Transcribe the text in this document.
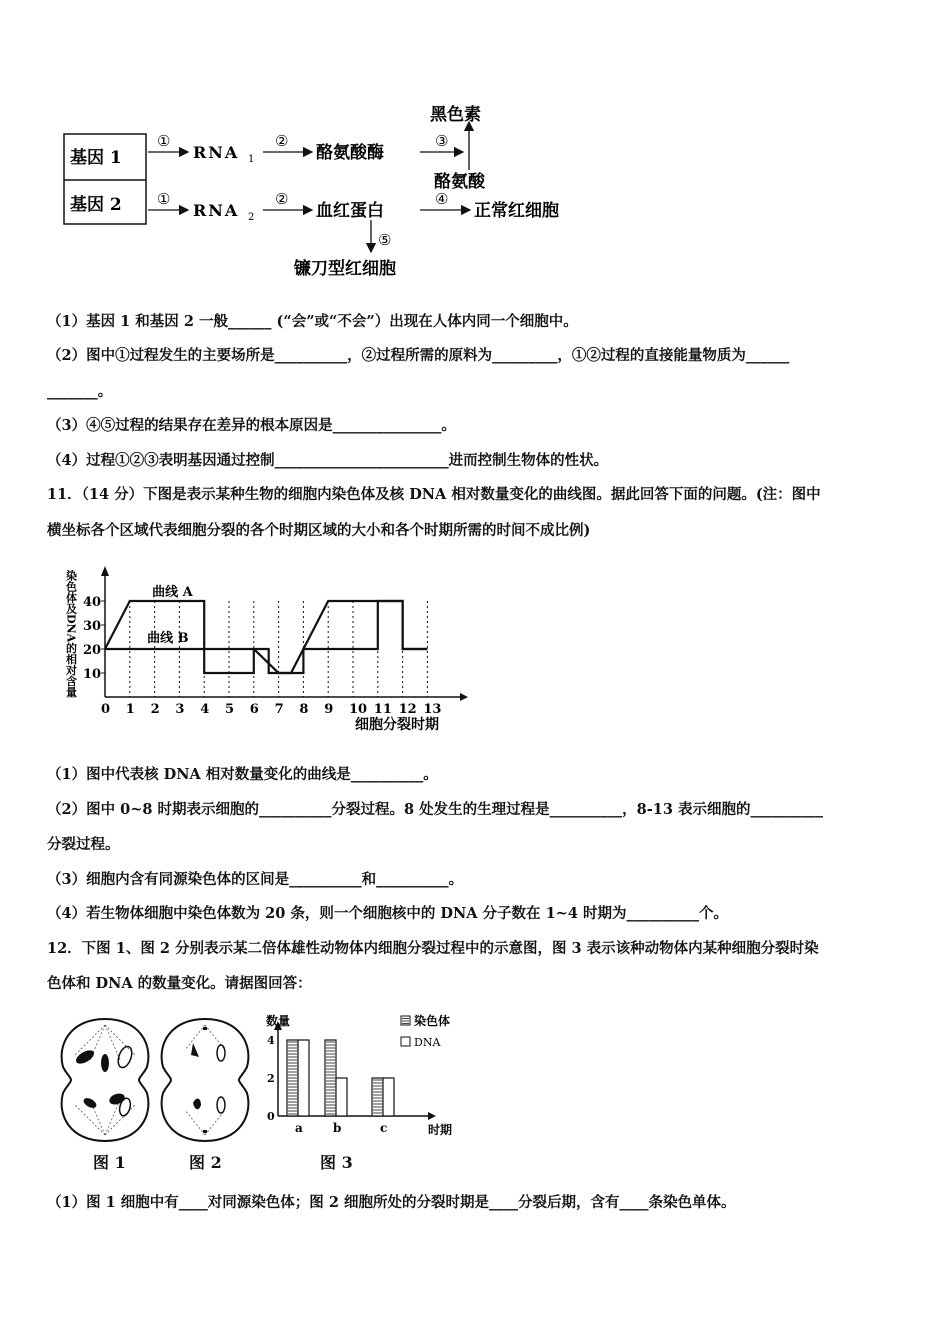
基因 1
基因 2
①
RNA 1
②
酪氨酸酶
③
黑色素
酪氨酸
①
RNA 2
②
血红蛋白
④
正常红细胞
⑤
镰刀型红细胞
（1）基因 1 和基因 2 一般______ (“会”或“不会”）出现在人体内同一个细胞中。
（2）图中①过程发生的主要场所是__________，②过程所需的原料为_________，①②过程的直接能量物质为______
_______。
（3）④⑤过程的结果存在差异的根本原因是_______________。
（4）过程①②③表明基因通过控制________________________进而控制生物体的性状。
11．（14 分）下图是表示某种生物的细胞内染色体及核 DNA 相对数量变化的曲线图。据此回答下面的问题。(注：图中
横坐标各个区域代表细胞分裂的各个时期区域的大小和各个时期所需的时间不成比例)
10
20
30
40
0 1 2 3 4 5 6 7 8 9 10 11 12 13
细胞分裂时期
染色体及DNA的相对含量	曲线 A
曲线 B
（1）图中代表核 DNA 相对数量变化的曲线是__________。
（2）图中 0~8 时期表示细胞的__________分裂过程。8 处发生的生理过程是__________，8-13 表示细胞的__________
分裂过程。
（3）细胞内含有同源染色体的区间是__________和__________。
（4）若生物体细胞中染色体数为 20 条，则一个细胞核中的 DNA 分子数在 1~4 时期为__________个。
12．下图 1、图 2 分别表示某二倍体雄性动物体内细胞分裂过程中的示意图，图 3 表示该种动物体内某种细胞分裂时染
色体和 DNA 的数量变化。请据图回答：
图 1	图 2
数量
时期
0
2
4
a	b	c
染色体
DNA
图 3
（1）图 1 细胞中有____对同源染色体；图 2 细胞所处的分裂时期是____分裂后期，含有____条染色单体。
